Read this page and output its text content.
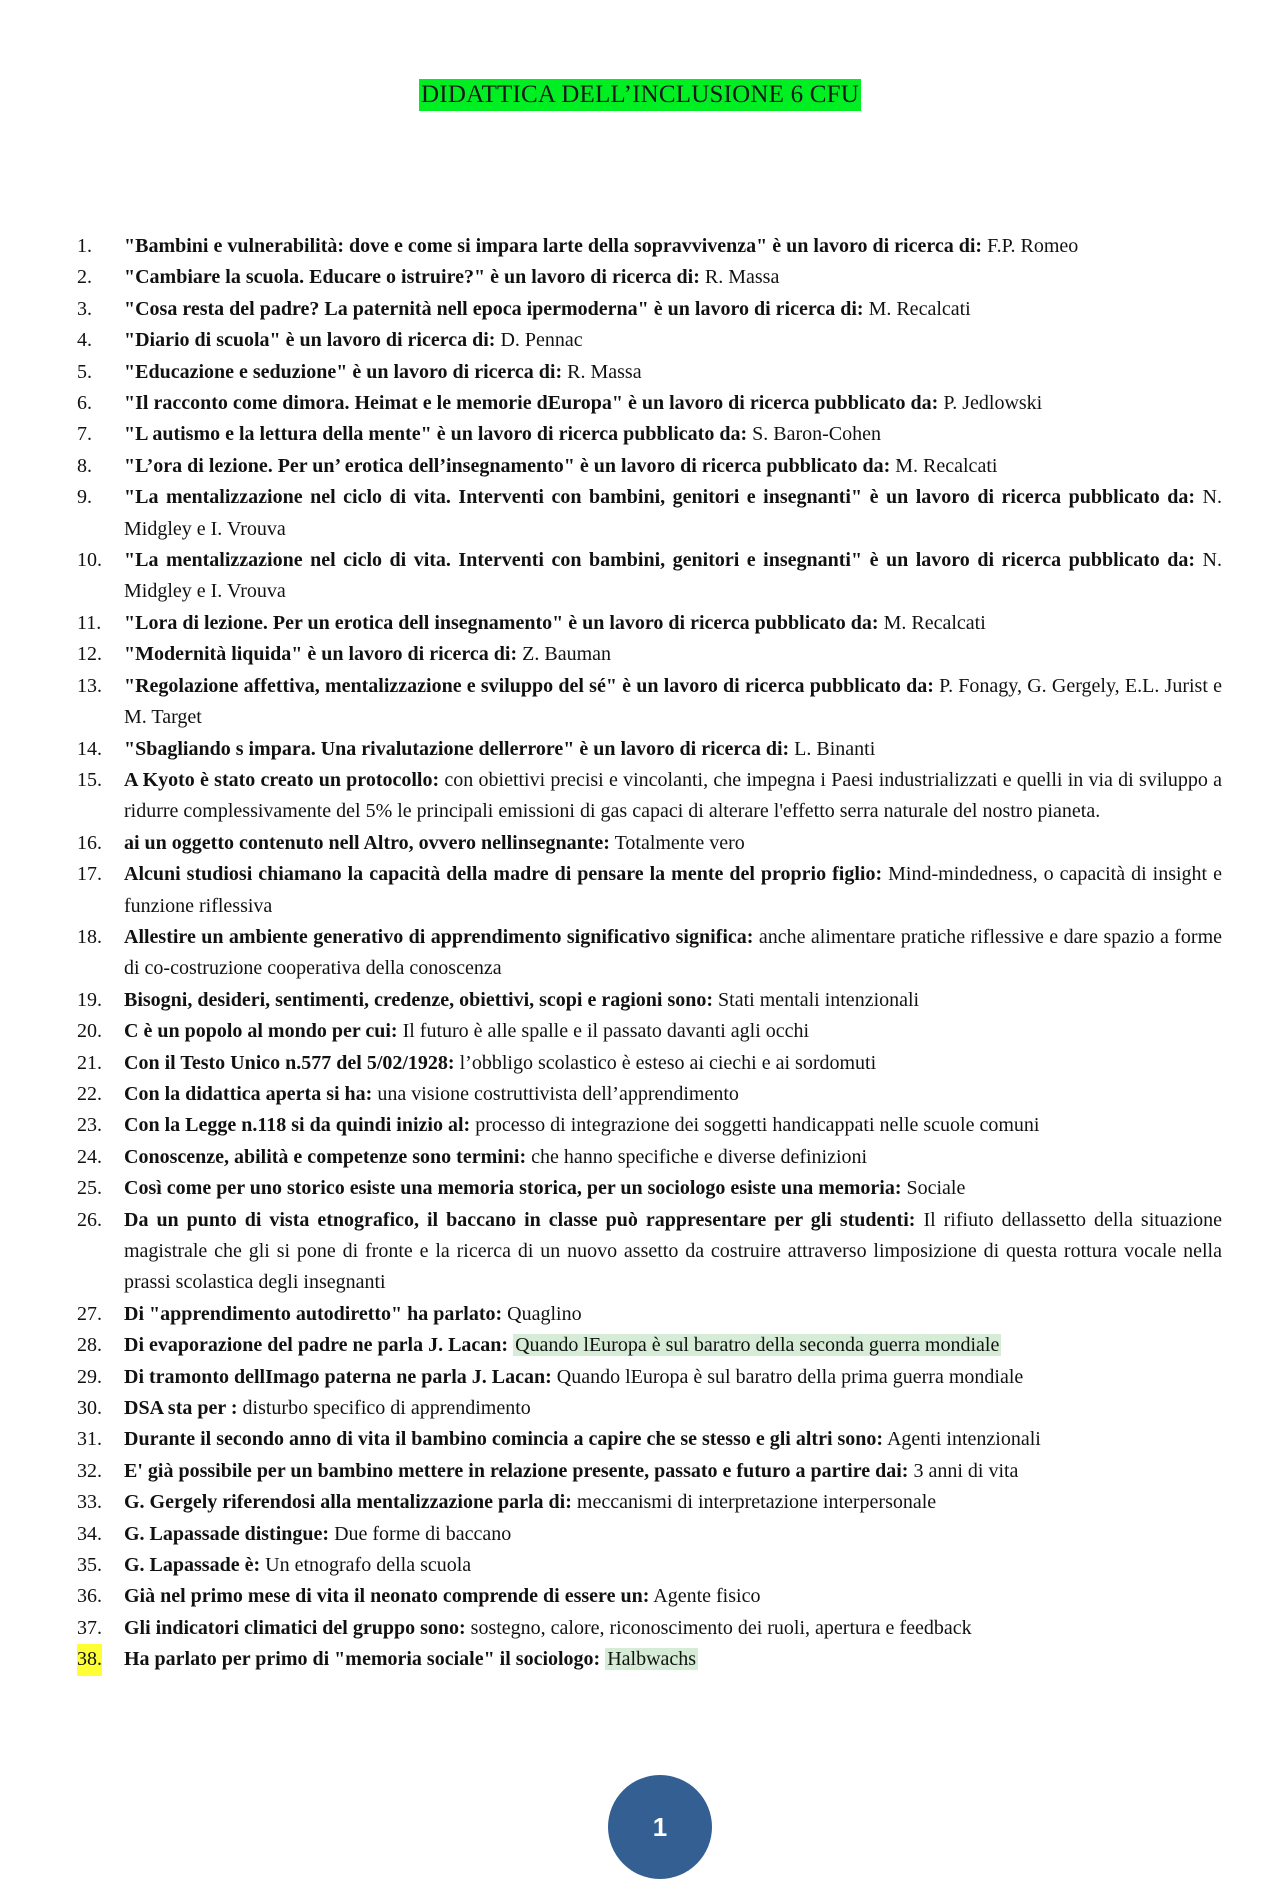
DIDATTICA DELL’INCLUSIONE 6 CFU
1. "Bambini e vulnerabilità: dove e come si impara larte della sopravvivenza" è un lavoro di ricerca di: F.P. Romeo
2. "Cambiare la scuola. Educare o istruire?" è un lavoro di ricerca di: R. Massa
3. "Cosa resta del padre? La paternità nell epoca ipermoderna" è un lavoro di ricerca di: M. Recalcati
4. "Diario di scuola" è un lavoro di ricerca di: D. Pennac
5. "Educazione e seduzione" è un lavoro di ricerca di: R. Massa
6. "Il racconto come dimora. Heimat e le memorie dEuropa" è un lavoro di ricerca pubblicato da: P. Jedlowski
7. "L autismo e la lettura della mente" è un lavoro di ricerca pubblicato da: S. Baron-Cohen
8. "L’ora di lezione. Per un’ erotica dell’insegnamento" è un lavoro di ricerca pubblicato da: M. Recalcati
9. "La mentalizzazione nel ciclo di vita. Interventi con bambini, genitori e insegnanti" è un lavoro di ricerca pubblicato da: N. Midgley e I. Vrouva
10. "La mentalizzazione nel ciclo di vita. Interventi con bambini, genitori e insegnanti" è un lavoro di ricerca pubblicato da: N. Midgley e I. Vrouva
11. "Lora di lezione. Per un erotica dell insegnamento" è un lavoro di ricerca pubblicato da: M. Recalcati
12. "Modernità liquida" è un lavoro di ricerca di: Z. Bauman
13. "Regolazione affettiva, mentalizzazione e sviluppo del sé" è un lavoro di ricerca pubblicato da: P. Fonagy, G. Gergely, E.L. Jurist e M. Target
14. "Sbagliando s impara. Una rivalutazione dellerrore" è un lavoro di ricerca di: L. Binanti
15. A Kyoto è stato creato un protocollo: con obiettivi precisi e vincolanti, che impegna i Paesi industrializzati e quelli in via di sviluppo a ridurre complessivamente del 5% le principali emissioni di gas capaci di alterare l'effetto serra naturale del nostro pianeta.
16. ai un oggetto contenuto nell Altro, ovvero nellinsegnante: Totalmente vero
17. Alcuni studiosi chiamano la capacità della madre di pensare la mente del proprio figlio: Mind-mindedness, o capacità di insight e funzione riflessiva
18. Allestire un ambiente generativo di apprendimento significativo significa: anche alimentare pratiche riflessive e dare spazio a forme di co-costruzione cooperativa della conoscenza
19. Bisogni, desideri, sentimenti, credenze, obiettivi, scopi e ragioni sono: Stati mentali intenzionali
20. C è un popolo al mondo per cui: Il futuro è alle spalle e il passato davanti agli occhi
21. Con il Testo Unico n.577 del 5/02/1928: l’obbligo scolastico è esteso ai ciechi e ai sordomuti
22. Con la didattica aperta si ha: una visione costruttivista dell’apprendimento
23. Con la Legge n.118 si da quindi inizio al: processo di integrazione dei soggetti handicappati nelle scuole comuni
24. Conoscenze, abilità e competenze sono termini: che hanno specifiche e diverse definizioni
25. Così come per uno storico esiste una memoria storica, per un sociologo esiste una memoria: Sociale
26. Da un punto di vista etnografico, il baccano in classe può rappresentare per gli studenti: Il rifiuto dellassetto della situazione magistrale che gli si pone di fronte e la ricerca di un nuovo assetto da costruire attraverso limposizione di questa rottura vocale nella prassi scolastica degli insegnanti
27. Di "apprendimento autodiretto" ha parlato: Quaglino
28. Di evaporazione del padre ne parla J. Lacan: Quando lEuropa è sul baratro della seconda guerra mondiale
29. Di tramonto dellImago paterna ne parla J. Lacan: Quando lEuropa è sul baratro della prima guerra mondiale
30. DSA sta per : disturbo specifico di apprendimento
31. Durante il secondo anno di vita il bambino comincia a capire che se stesso e gli altri sono: Agenti intenzionali
32. E' già possibile per un bambino mettere in relazione presente, passato e futuro a partire dai: 3 anni di vita
33. G. Gergely riferendosi alla mentalizzazione parla di: meccanismi di interpretazione interpersonale
34. G. Lapassade distingue: Due forme di baccano
35. G. Lapassade è: Un etnografo della scuola
36. Già nel primo mese di vita il neonato comprende di essere un: Agente fisico
37. Gli indicatori climatici del gruppo sono: sostegno, calore, riconoscimento dei ruoli, apertura e feedback
38. Ha parlato per primo di "memoria sociale" il sociologo: Halbwachs
1
